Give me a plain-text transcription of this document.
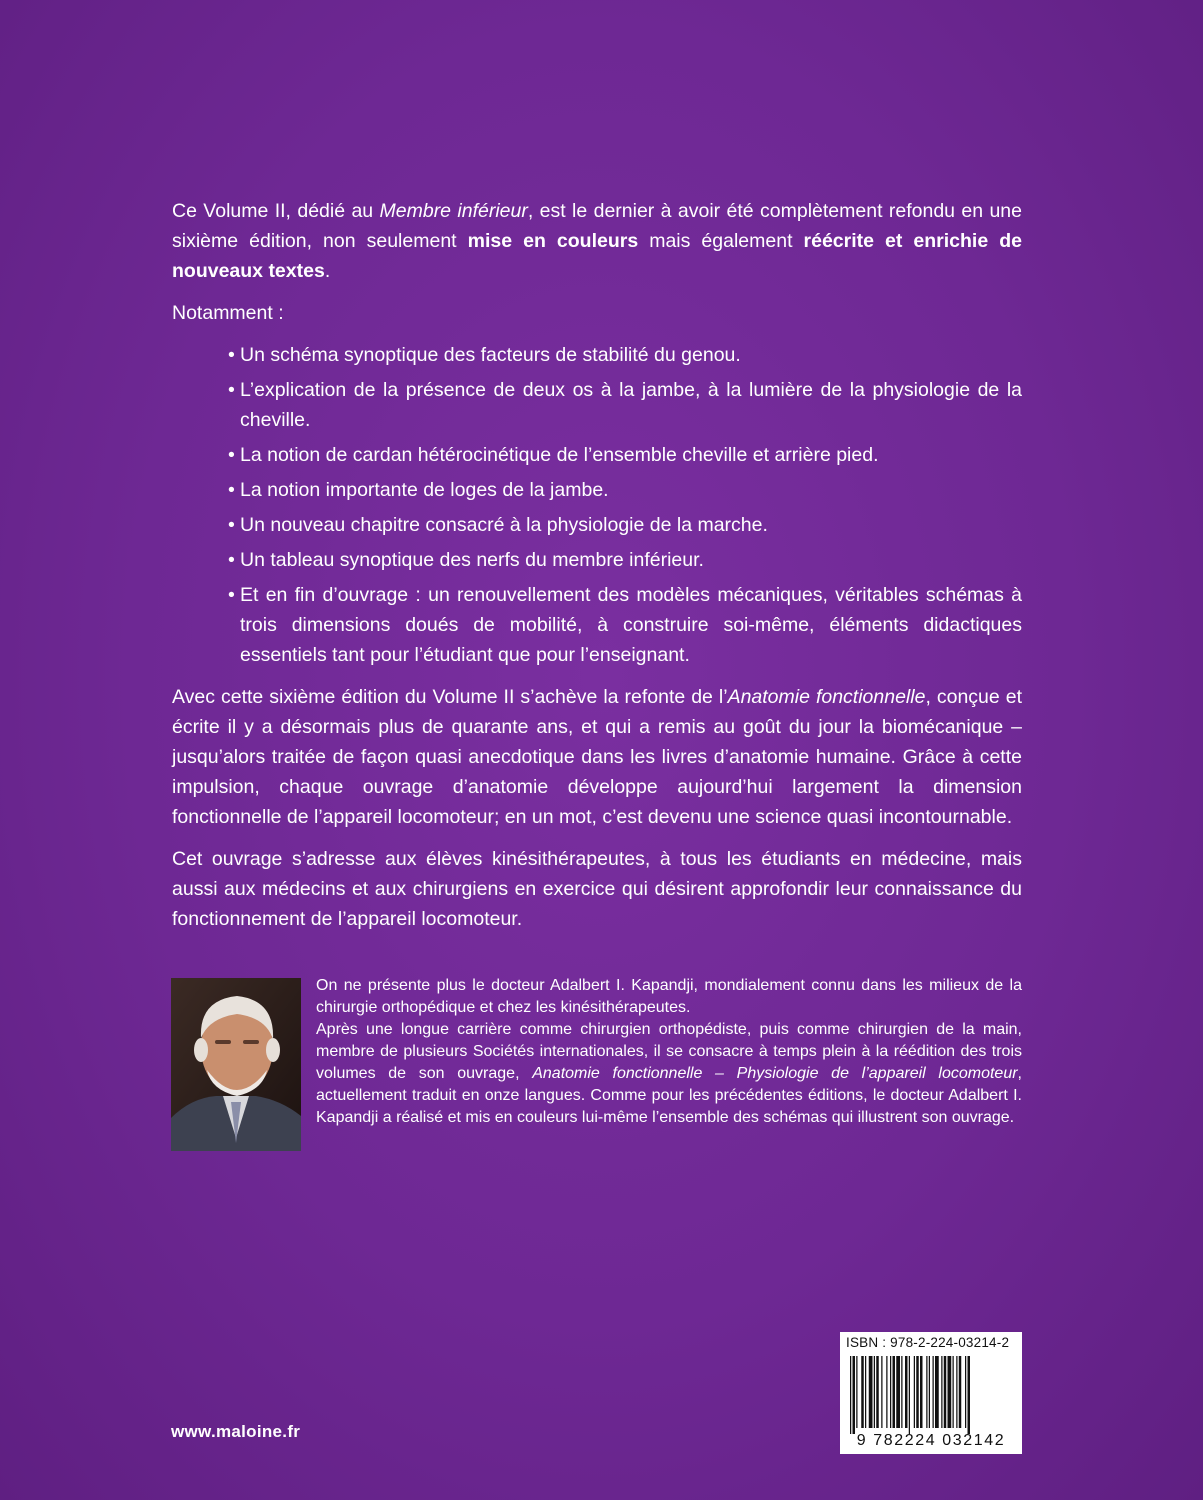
Ce Volume II, dédié au Membre inférieur, est le dernier à avoir été complètement refondu en une sixième édition, non seulement mise en couleurs mais également réécrite et enrichie de nouveaux textes.

Notamment :

• Un schéma synoptique des facteurs de stabilité du genou.
• L’explication de la présence de deux os à la jambe, à la lumière de la physiologie de la cheville.
• La notion de cardan hétérocinétique de l’ensemble cheville et arrière pied.
• La notion importante de loges de la jambe.
• Un nouveau chapitre consacré à la physiologie de la marche.
• Un tableau synoptique des nerfs du membre inférieur.
• Et en fin d’ouvrage : un renouvellement des modèles mécaniques, véritables schémas à trois dimensions doués de mobilité, à construire soi-même, éléments didactiques essentiels tant pour l’étudiant que pour l’enseignant.

Avec cette sixième édition du Volume II s’achève la refonte de l’Anatomie fonctionnelle, conçue et écrite il y a désormais plus de quarante ans, et qui a remis au goût du jour la biomécanique – jusqu’alors traitée de façon quasi anecdotique dans les livres d’anatomie humaine. Grâce à cette impulsion, chaque ouvrage d’anatomie développe aujourd’hui largement la dimension fonctionnelle de l’appareil locomoteur; en un mot, c’est devenu une science quasi incontournable.

Cet ouvrage s’adresse aux élèves kinésithérapeutes, à tous les étudiants en médecine, mais aussi aux médecins et aux chirurgiens en exercice qui désirent approfondir leur connaissance du fonctionnement de l’appareil locomoteur.

On ne présente plus le docteur Adalbert I. Kapandji, mondialement connu dans les milieux de la chirurgie orthopédique et chez les kinésithérapeutes.

Après une longue carrière comme chirurgien orthopédiste, puis comme chirurgien de la main, membre de plusieurs Sociétés internationales, il se consacre à temps plein à la réédition des trois volumes de son ouvrage, Anatomie fonctionnelle – Physiologie de l’appareil locomoteur, actuellement traduit en onze langues. Comme pour les précédentes éditions, le docteur Adalbert I. Kapandji a réalisé et mis en couleurs lui-même l’ensemble des schémas qui illustrent son ouvrage.

ISBN : 978-2-224-03214-2
9 782224 032142
www.maloine.fr
